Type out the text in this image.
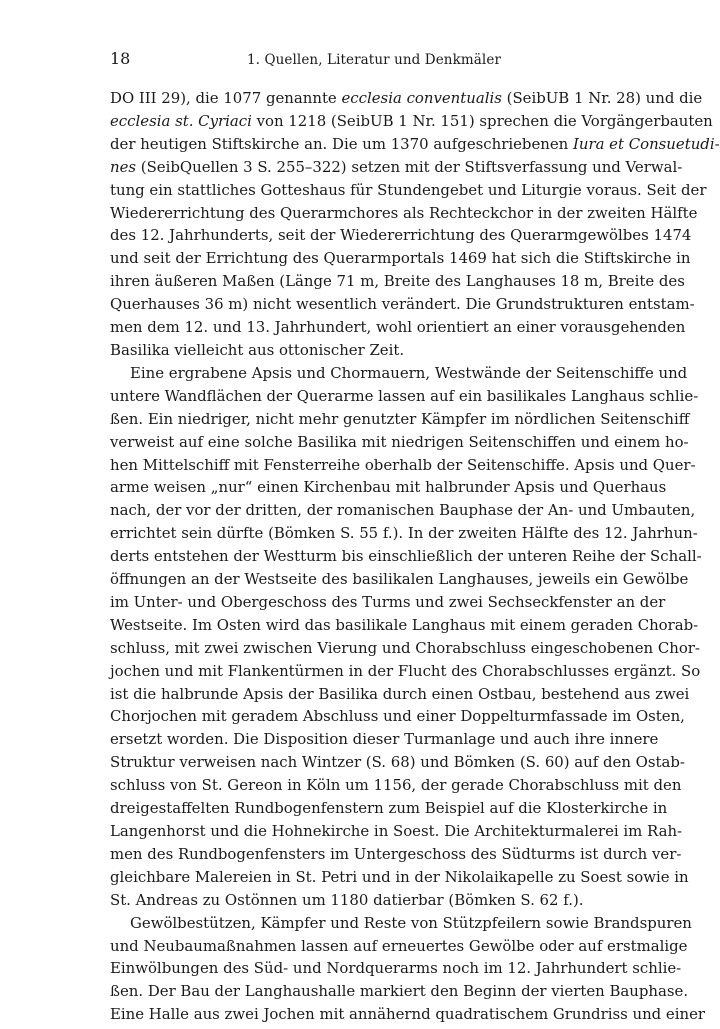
18	1. Quellen, Literatur und Denkmäler
DO III 29), die 1077 genannte ecclesia conventualis (SeibUB 1 Nr. 28) und die
ecclesia st. Cyriaci von 1218 (SeibUB 1 Nr. 151) sprechen die Vorgängerbauten
der heutigen Stiftskirche an. Die um 1370 aufgeschriebenen Iura et Consuetudi-
nes (SeibQuellen 3 S. 255–322) setzen mit der Stiftsverfassung und Verwal-
tung ein stattliches Gotteshaus für Stundengebet und Liturgie voraus. Seit der
Wiedererrichtung des Querarmchores als Rechteckchor in der zweiten Hälfte
des 12. Jahrhunderts, seit der Wiedererrichtung des Querarmgewölbes 1474
und seit der Errichtung des Querarmportals 1469 hat sich die Stiftskirche in
ihren äußeren Maßen (Länge 71 m, Breite des Langhauses 18 m, Breite des
Querhauses 36 m) nicht wesentlich verändert. Die Grundstrukturen entstam-
men dem 12. und 13. Jahrhundert, wohl orientiert an einer vorausgehenden
Basilika vielleicht aus ottonischer Zeit.
Eine ergrabene Apsis und Chormauern, Westwände der Seitenschiffe und
untere Wandflächen der Querarme lassen auf ein basilikales Langhaus schlie-
ßen. Ein niedriger, nicht mehr genutzter Kämpfer im nördlichen Seitenschiff
verweist auf eine solche Basilika mit niedrigen Seitenschiffen und einem ho-
hen Mittelschiff mit Fensterreihe oberhalb der Seitenschiffe. Apsis und Quer-
arme weisen „nur“ einen Kirchenbau mit halbrunder Apsis und Querhaus
nach, der vor der dritten, der romanischen Bauphase der An- und Umbauten,
errichtet sein dürfte (Bömken S. 55 f.). In der zweiten Hälfte des 12. Jahrhun-
derts entstehen der Westturm bis einschließlich der unteren Reihe der Schall-
öffnungen an der Westseite des basilikalen Langhauses, jeweils ein Gewölbe
im Unter- und Obergeschoss des Turms und zwei Sechseckfenster an der
Westseite. Im Osten wird das basilikale Langhaus mit einem geraden Chorab-
schluss, mit zwei zwischen Vierung und Chorabschluss eingeschobenen Chor-
jochen und mit Flankentürmen in der Flucht des Chorabschlusses ergänzt. So
ist die halbrunde Apsis der Basilika durch einen Ostbau, bestehend aus zwei
Chorjochen mit geradem Abschluss und einer Doppelturmfassade im Osten,
ersetzt worden. Die Disposition dieser Turmanlage und auch ihre innere
Struktur verweisen nach Wintzer (S. 68) und Bömken (S. 60) auf den Ostab-
schluss von St. Gereon in Köln um 1156, der gerade Chorabschluss mit den
dreigestaffelten Rundbogenfenstern zum Beispiel auf die Klosterkirche in
Langenhorst und die Hohnekirche in Soest. Die Architekturmalerei im Rah-
men des Rundbogenfensters im Untergeschoss des Südturms ist durch ver-
gleichbare Malereien in St. Petri und in der Nikolaikapelle zu Soest sowie in
St. Andreas zu Ostönnen um 1180 datierbar (Bömken S. 62 f.).
Gewölbestützen, Kämpfer und Reste von Stützpfeilern sowie Brandspuren
und Neubaumaßnahmen lassen auf erneuertes Gewölbe oder auf erstmalige
Einwölbungen des Süd- und Nordquerarms noch im 12. Jahrhundert schlie-
ßen. Der Bau der Langhaushalle markiert den Beginn der vierten Bauphase.
Eine Halle aus zwei Jochen mit annähernd quadratischem Grundriss und einer
